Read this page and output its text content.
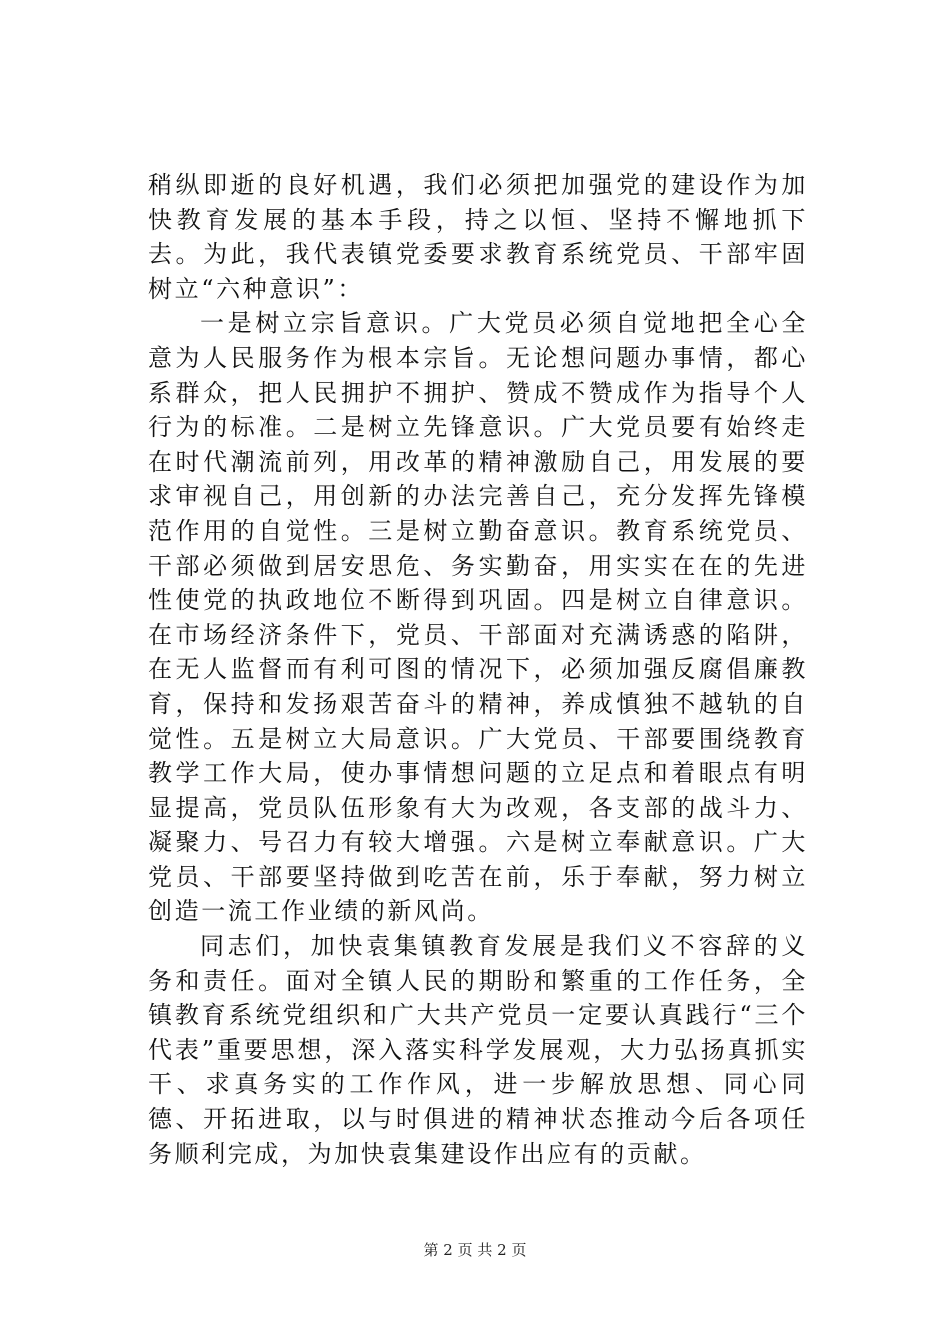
稍纵即逝的良好机遇，我们必须把加强党的建设作为加快教育发展的基本手段，持之以恒、坚持不懈地抓下去。为此，我代表镇党委要求教育系统党员、干部牢固树立“六种意识”：

一是树立宗旨意识。广大党员必须自觉地把全心全意为人民服务作为根本宗旨。无论想问题办事情，都心系群众，把人民拥护不拥护、赞成不赞成作为指导个人行为的标准。二是树立先锋意识。广大党员要有始终走在时代潮流前列，用改革的精神激励自己，用发展的要求审视自己，用创新的办法完善自己，充分发挥先锋模范作用的自觉性。三是树立勤奋意识。教育系统党员、干部必须做到居安思危、务实勤奋，用实实在在的先进性使党的执政地位不断得到巩固。四是树立自律意识。在市场经济条件下，党员、干部面对充满诱惑的陷阱，在无人监督而有利可图的情况下，必须加强反腐倡廉教育，保持和发扬艰苦奋斗的精神，养成慎独不越轨的自觉性。五是树立大局意识。广大党员、干部要围绕教育教学工作大局，使办事情想问题的立足点和着眼点有明显提高，党员队伍形象有大为改观，各支部的战斗力、凝聚力、号召力有较大增强。六是树立奉献意识。广大党员、干部要坚持做到吃苦在前，乐于奉献，努力树立创造一流工作业绩的新风尚。

同志们，加快袁集镇教育发展是我们义不容辞的义务和责任。面对全镇人民的期盼和繁重的工作任务，全镇教育系统党组织和广大共产党员一定要认真践行“三个代表”重要思想，深入落实科学发展观，大力弘扬真抓实干、求真务实的工作作风，进一步解放思想、同心同德、开拓进取，以与时俱进的精神状态推动今后各项任务顺利完成，为加快袁集建设作出应有的贡献。

第 2 页 共 2 页
